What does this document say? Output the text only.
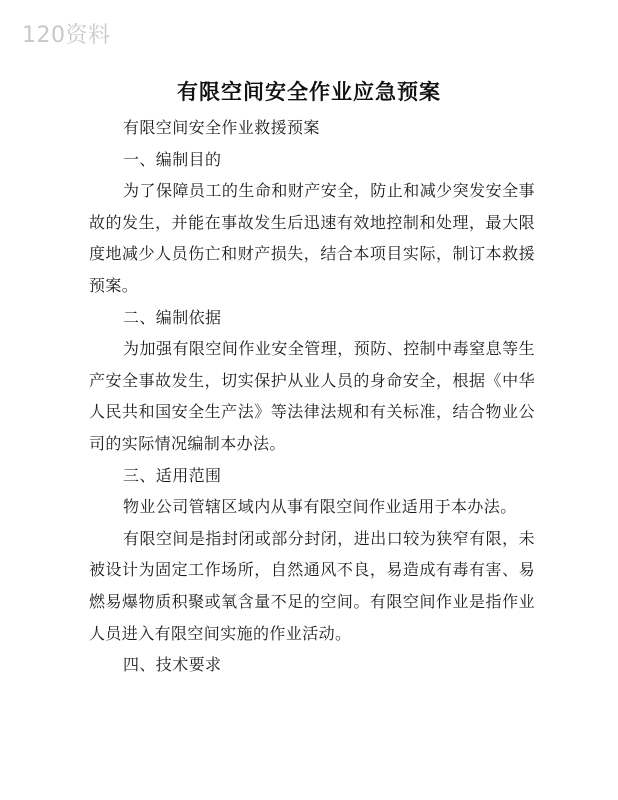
120资料
有限空间安全作业应急预案

有限空间安全作业救援预案

一、编制目的

为了保障员工的生命和财产安全，防止和减少突发安全事故的发生，并能在事故发生后迅速有效地控制和处理，最大限度地减少人员伤亡和财产损失，结合本项目实际，制订本救援预案。

二、编制依据

为加强有限空间作业安全管理，预防、控制中毒窒息等生产安全事故发生，切实保护从业人员的身命安全，根据《中华人民共和国安全生产法》等法律法规和有关标准，结合物业公司的实际情况编制本办法。

三、适用范围

物业公司管辖区域内从事有限空间作业适用于本办法。

有限空间是指封闭或部分封闭，进出口较为狭窄有限，未被设计为固定工作场所，自然通风不良，易造成有毒有害、易燃易爆物质积聚或氧含量不足的空间。有限空间作业是指作业人员进入有限空间实施的作业活动。

四、技术要求
